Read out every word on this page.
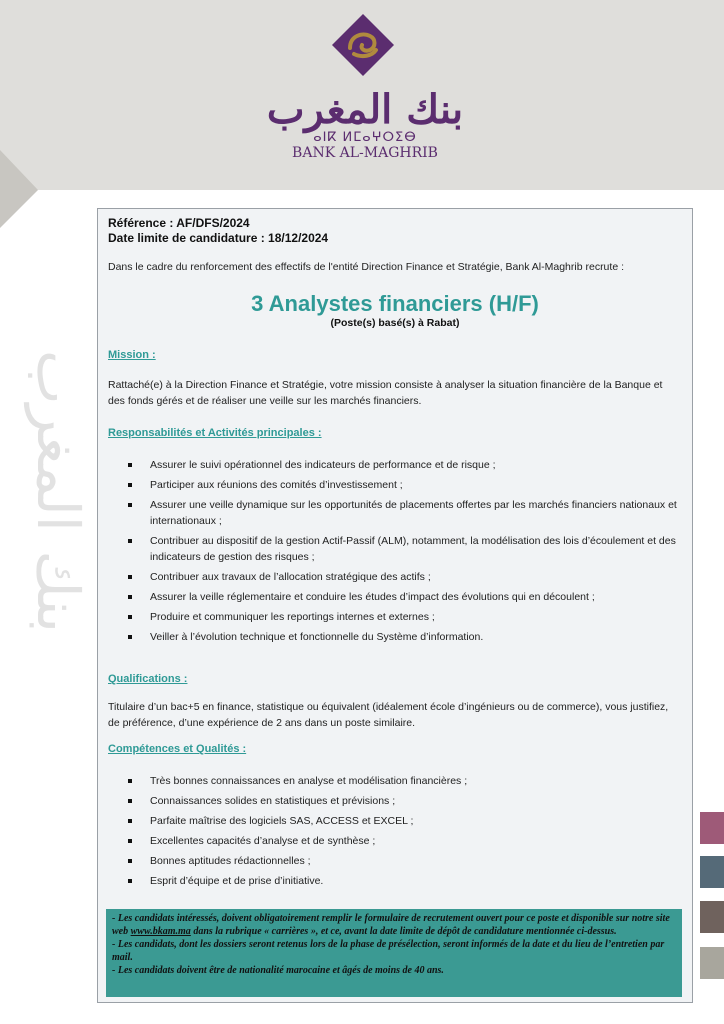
بنك المغرب
ⴰⵏⴽ ⵍⵎⴰⵖⵔⵉⴱ
BANK AL-MAGHRIB
بنك المغرب
Référence : AF/DFS/2024
Date limite de candidature : 18/12/2024
Dans le cadre du renforcement des effectifs de l'entité Direction Finance et Stratégie, Bank Al-Maghrib recrute :
3 Analystes financiers (H/F)
(Poste(s) basé(s) à Rabat)
Mission :
Rattaché(e) à la Direction Finance et Stratégie, votre mission consiste à analyser la situation financière de la Banque et des fonds gérés et de réaliser une veille sur les marchés financiers.
Responsabilités et Activités principales :
Assurer le suivi opérationnel des indicateurs de performance et de risque ;
Participer aux réunions des comités d’investissement ;
Assurer une veille dynamique sur les opportunités de placements offertes par les marchés financiers nationaux et internationaux ;
Contribuer au dispositif de la gestion Actif-Passif (ALM), notamment, la modélisation des lois d’écoulement et des indicateurs de gestion des risques ;
Contribuer aux travaux de l’allocation stratégique des actifs ;
Assurer la veille réglementaire et conduire les études d’impact des évolutions qui en découlent ;
Produire et communiquer les reportings internes et externes ;
Veiller à l’évolution technique et fonctionnelle du Système d’information.
Qualifications :
Titulaire d’un bac+5 en finance, statistique ou équivalent (idéalement école d’ingénieurs ou de commerce), vous justifiez, de préférence, d’une expérience de 2 ans dans un poste similaire.
Compétences et Qualités :
Très bonnes connaissances en analyse et modélisation financières ;
Connaissances solides en statistiques et prévisions ;
Parfaite maîtrise des logiciels SAS, ACCESS et EXCEL ;
Excellentes capacités d’analyse et de synthèse ;
Bonnes aptitudes rédactionnelles ;
Esprit d’équipe et de prise d’initiative.

- Les candidats intéressés, doivent obligatoirement remplir le formulaire de recrutement ouvert pour ce poste et disponible sur notre site web www.bkam.ma dans la rubrique « carrières », et ce, avant la date limite de dépôt de candidature mentionnée ci-dessus.

- Les candidats, dont les dossiers seront retenus lors de la phase de présélection, seront informés de la date et du lieu de l’entretien par mail.

- Les candidats doivent être de nationalité marocaine et âgés de moins de 40 ans.
